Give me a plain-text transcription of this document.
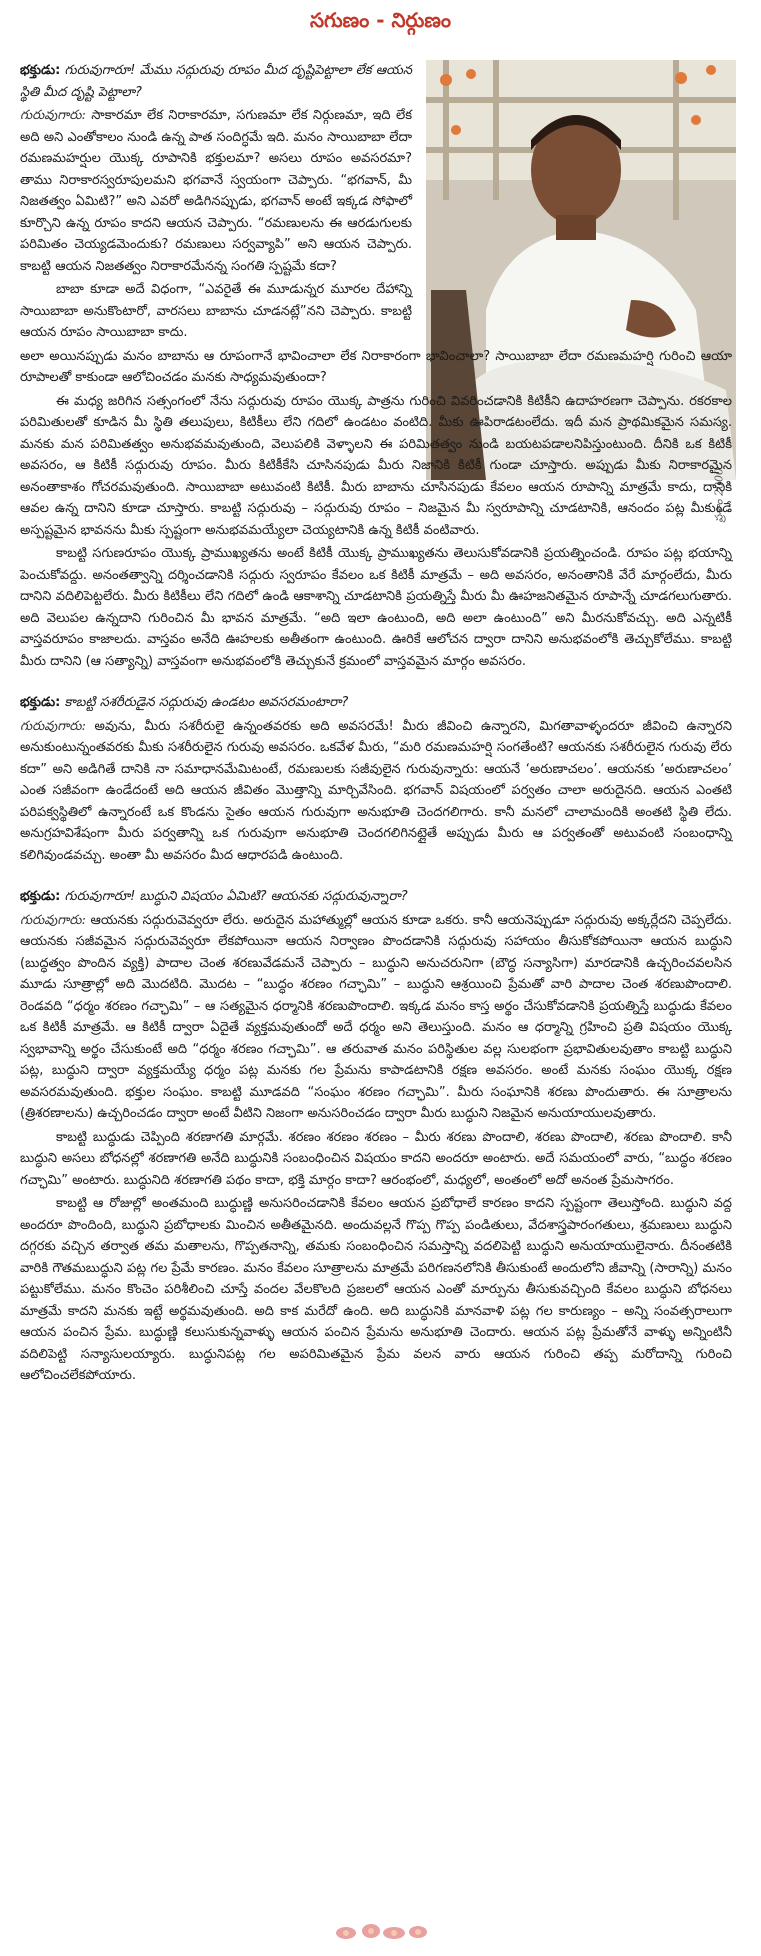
సగుణం - నిర్గుణం
ప్రశాం 2000

భక్తుడు: గురువుగారూ! మేము సద్గురువు రూపం మీద దృష్టిపెట్టాలా లేక ఆయన స్థితి మీద దృష్టి పెట్టాలా?

గురువుగారు: సాకారమా లేక నిరాకారమా, సగుణమా లేక నిర్గుణమా, ఇది లేక అది అని ఎంతోకాలం నుండి ఉన్న పాత సందిగ్ధమే ఇది. మనం సాయిబాబా లేదా రమణమహర్షుల యొక్క రూపానికి భక్తులమా? అసలు రూపం అవసరమా? తాము నిరాకారస్వరూపులమని భగవానే స్వయంగా చెప్పారు. “భగవాన్, మీ నిజతత్వం ఏమిటి?” అని ఎవరో అడిగినప్పుడు, భగవాన్ అంటే ఇక్కడ సోఫాలో కూర్చొని ఉన్న రూపం కాదని ఆయన చెప్పారు. “రమణులను ఈ ఆరడుగులకు పరిమితం చెయ్యడమెందుకు? రమణులు సర్వవ్యాపి” అని ఆయన చెప్పారు. కాబట్టి ఆయన నిజతత్వం నిరాకారమేనన్న సంగతి స్పష్టమే కదా?

బాబా కూడా అదే విధంగా, “ఎవరైతే ఈ మూడున్నర మూరల దేహాన్ని సాయిబాబా అనుకొంటారో, వారసలు బాబాను చూడనట్లే”నని చెప్పారు. కాబట్టి ఆయన రూపం సాయిబాబా కాదు.

అలా అయినప్పుడు మనం బాబాను ఆ రూపంగానే భావించాలా లేక నిరాకారంగా భావించాలా? సాయిబాబా లేదా రమణమహర్షి గురించి ఆయా రూపాలతో కాకుండా ఆలోచించడం మనకు సాధ్యమవుతుందా?

ఈ మధ్య జరిగిన సత్సంగంలో నేను సద్గురువు రూపం యొక్క పాత్రను గురించి వివరించడానికి కిటికీని ఉదాహరణగా చెప్పాను. రకరకాల పరిమితులతో కూడిన మీ స్థితి తలుపులు, కిటికీలు లేని గదిలో ఉండటం వంటిది. మీకు ఊపిరాడటంలేదు. ఇదీ మన ప్రాథమికమైన సమస్య. మనకు మన పరిమితత్వం అనుభవమవుతుంది, వెలుపలికి వెళ్ళాలని ఈ పరిమితత్వం నుండి బయటపడాలనిపిస్తుంటుంది. దీనికి ఒక కిటికీ అవసరం, ఆ కిటికీ సద్గురువు రూపం. మీరు కిటికీకేసి చూసినపుడు మీరు నిజానికి కిటికీ గుండా చూస్తారు. అప్పుడు మీకు నిరాకారమైన అనంతాకాశం గోచరమవుతుంది. సాయిబాబా అటువంటి కిటికీ. మీరు బాబాను చూసినపుడు కేవలం ఆయన రూపాన్ని మాత్రమే కాదు, దానికి ఆవల ఉన్న దానిని కూడా చూస్తారు. కాబట్టి సద్గురువు – సద్గురువు రూపం – నిజమైన మీ స్వరూపాన్ని చూడటానికి, ఆనందం పట్ల మీకుండే అస్పష్టమైన భావనను మీకు స్పష్టంగా అనుభవమయ్యేలా చెయ్యటానికి ఉన్న కిటికీ వంటివారు.

కాబట్టి సగుణరూపం యొక్క ప్రాముఖ్యతను అంటే కిటికీ యొక్క ప్రాముఖ్యతను తెలుసుకోవడానికి ప్రయత్నించండి. రూపం పట్ల భయాన్ని పెంచుకోవద్దు. అనంతత్వాన్ని దర్శించడానికి సద్గురు స్వరూపం కేవలం ఒక కిటికీ మాత్రమే – అది అవసరం, అనంతానికి వేరే మార్గంలేదు, మీరు దానిని వదిలిపెట్టలేరు. మీరు కిటికీలు లేని గదిలో ఉండి ఆకాశాన్ని చూడటానికి ప్రయత్నిస్తే మీరు మీ ఊహజనితమైన రూపాన్నే చూడగలుగుతారు. అది వెలుపల ఉన్నదాని గురించిన మీ భావన మాత్రమే. “అది ఇలా ఉంటుంది, అది అలా ఉంటుంది” అని మీరనుకోవచ్చు. అది ఎన్నటికీ వాస్తవరూపం కాజాలదు. వాస్తవం అనేది ఊహలకు అతీతంగా ఉంటుంది. ఊరికే ఆలోచన ద్వారా దానిని అనుభవంలోకి తెచ్చుకోలేము. కాబట్టి మీరు దానిని (ఆ సత్యాన్ని) వాస్తవంగా అనుభవంలోకి తెచ్చుకునే క్రమంలో వాస్తవమైన మార్గం అవసరం.

భక్తుడు: కాబట్టి సశరీరుడైన సద్గురువు ఉండటం అవసరమంటారా?

గురువుగారు: అవును, మీరు సశరీరులై ఉన్నంతవరకు అది అవసరమే! మీరు జీవించి ఉన్నారని, మిగతావాళ్ళందరూ జీవించి ఉన్నారని అనుకుంటున్నంతవరకు మీకు సశరీరులైన గురువు అవసరం. ఒకవేళ మీరు, “మరి రమణమహర్షి సంగతేంటి? ఆయనకు సశరీరులైన గురువు లేరు కదా” అని అడిగితే దానికి నా సమాధానమేమిటంటే, రమణులకు సజీవులైన గురువున్నారు: ఆయనే ‘అరుణాచలం’. ఆయనకు ‘అరుణాచలం’ ఎంత సజీవంగా ఉండేదంటే అది ఆయన జీవితం మొత్తాన్ని మార్చివేసింది. భగవాన్ విషయంలో పర్వతం చాలా అరుదైనది. ఆయన ఎంతటి పరిపక్వస్థితిలో ఉన్నారంటే ఒక కొండను సైతం ఆయన గురువుగా అనుభూతి చెందగలిగారు. కానీ మనలో చాలామందికి అంతటి స్థితి లేదు. అనుగ్రహవిశేషంగా మీరు పర్వతాన్ని ఒక గురువుగా అనుభూతి చెందగలిగినట్లైతే అప్పుడు మీరు ఆ పర్వతంతో అటువంటి సంబంధాన్ని కలిగివుండవచ్చు. అంతా మీ అవసరం మీద ఆధారపడి ఉంటుంది.

భక్తుడు: గురువుగారూ! బుద్ధుని విషయం ఏమిటి? ఆయనకు సద్గురువున్నారా?

గురువుగారు: ఆయనకు సద్గురువెవ్వరూ లేరు. అరుదైన మహాత్ముల్లో ఆయన కూడా ఒకరు. కానీ ఆయనెప్పుడూ సద్గురువు అక్కర్లేదని చెప్పలేదు. ఆయనకు సజీవమైన సద్గురువెవ్వరూ లేకపోయినా ఆయన నిర్వాణం పొందడానికి సద్గురువు సహాయం తీసుకోకపోయినా ఆయన బుద్ధుని (బుద్ధత్వం పొందిన వ్యక్తి) పాదాల చెంత శరణువేడమనే చెప్పారు – బుద్ధుని అనుచరునిగా (బౌద్ధ సన్యాసిగా) మారడానికి ఉచ్చరించవలసిన మూడు సూత్రాల్లో అది మొదటిది. మొదట – “బుద్ధం శరణం గచ్ఛామి” – బుద్ధుని ఆశ్రయించి ప్రేమతో వారి పాదాల చెంత శరణుపొందాలి. రెండవది “ధర్మం శరణం గచ్ఛామి” – ఆ సత్యమైన ధర్మానికి శరణుపొందాలి. ఇక్కడ మనం కాస్త అర్థం చేసుకోవడానికి ప్రయత్నిస్తే బుద్ధుడు కేవలం ఒక కిటికీ మాత్రమే. ఆ కిటికీ ద్వారా ఏదైతే వ్యక్తమవుతుందో అదే ధర్మం అని తెలుస్తుంది. మనం ఆ ధర్మాన్ని గ్రహించి ప్రతి విషయం యొక్క స్వభావాన్ని అర్థం చేసుకుంటే అది “ధర్మం శరణం గచ్ఛామి”. ఆ తరువాత మనం పరిస్థితుల వల్ల సులభంగా ప్రభావితులవుతాం కాబట్టి బుద్ధుని పట్ల, బుద్ధుని ద్వారా వ్యక్తమయ్యే ధర్మం పట్ల మనకు గల ప్రేమను కాపాడటానికి రక్షణ అవసరం. అంటే మనకు సంఘం యొక్క రక్షణ అవసరమవుతుంది. భక్తుల సంఘం. కాబట్టి మూడవది “సంఘం శరణం గచ్ఛామి”. మీరు సంఘానికి శరణు పొందుతారు. ఈ సూత్రాలను (త్రిశరణాలను) ఉచ్చరించడం ద్వారా అంటే వీటిని నిజంగా అనుసరించడం ద్వారా మీరు బుద్ధుని నిజమైన అనుయాయులవుతారు.

కాబట్టి బుద్ధుడు చెప్పింది శరణాగతి మార్గమే. శరణం శరణం శరణం – మీరు శరణు పొందాలి, శరణు పొందాలి, శరణు పొందాలి. కానీ బుద్ధుని అసలు బోధనల్లో శరణాగతి అనేది బుద్ధునికి సంబంధించిన విషయం కాదని అందరూ అంటారు. అదే సమయంలో వారు, “బుద్ధం శరణం గచ్ఛామి” అంటారు. బుద్ధునిది శరణాగతి పథం కాదా, భక్తి మార్గం కాదా? ఆరంభంలో, మధ్యలో, అంతంలో అదో అనంత ప్రేమసాగరం.

కాబట్టి ఆ రోజుల్లో అంతమంది బుద్ధుణ్ణి అనుసరించడానికి కేవలం ఆయన ప్రబోధాలే కారణం కాదని స్పష్టంగా తెలుస్తోంది. బుద్ధుని వద్ద అందరూ పొందింది, బుద్ధుని ప్రబోధాలకు మించిన అతీతమైనది. అందువల్లనే గొప్ప గొప్ప పండితులు, వేదశాస్త్రపారంగతులు, శ్రమణులు బుద్ధుని దగ్గరకు వచ్చిన తర్వాత తమ మతాలను, గొప్పతనాన్ని, తమకు సంబంధించిన సమస్తాన్ని వదలిపెట్టి బుద్ధుని అనుయాయులైనారు. దీనంతటికి వారికి గౌతమబుద్ధుని పట్ల గల ప్రేమే కారణం. మనం కేవలం సూత్రాలను మాత్రమే పరిగణనలోనికి తీసుకుంటే అందులోని జీవాన్ని (సారాన్ని) మనం పట్టుకోలేము. మనం కొంచెం పరిశీలించి చూస్తే వందల వేలకొలది ప్రజలలో ఆయన ఎంతో మార్పును తీసుకువచ్చింది కేవలం బుద్ధుని బోధనలు మాత్రమే కాదని మనకు ఇట్టే అర్థమవుతుంది. అది కాక మరేదో ఉంది. అది బుద్ధునికి మానవాళి పట్ల గల కారుణ్యం – అన్ని సంవత్సరాలుగా ఆయన పంచిన ప్రేమ. బుద్ధుణ్ణి కలుసుకున్నవాళ్ళు ఆయన పంచిన ప్రేమను అనుభూతి చెందారు. ఆయన పట్ల ప్రేమతోనే వాళ్ళు అన్నింటినీ వదిలిపెట్టి సన్యాసులయ్యారు. బుద్ధునిపట్ల గల అపరిమితమైన ప్రేమ వలన వారు ఆయన గురించి తప్ప మరోదాన్ని గురించి ఆలోచించలేకపోయారు.
